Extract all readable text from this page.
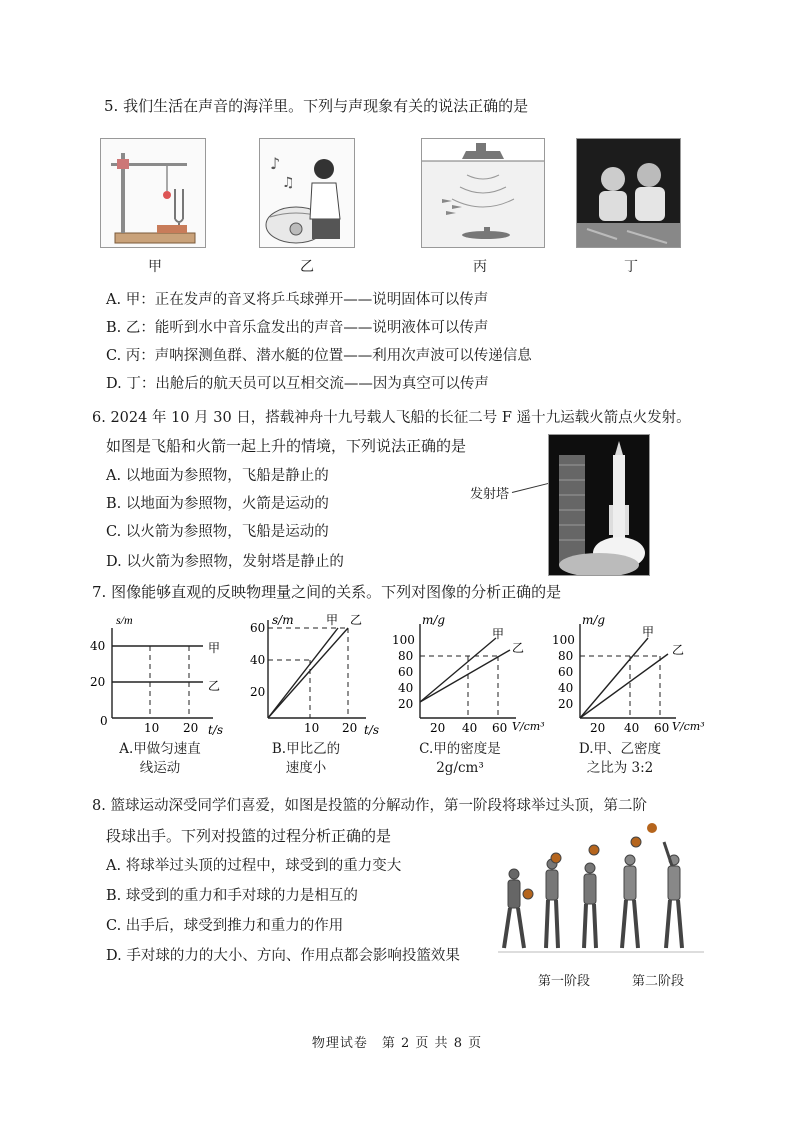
5. 我们生活在声音的海洋里。下列与声现象有关的说法正确的是
♪
♫
甲	乙	丙	丁
A. 甲：正在发声的音叉将乒乓球弹开——说明固体可以传声
B. 乙：能听到水中音乐盒发出的声音——说明液体可以传声
C. 丙：声呐探测鱼群、潜水艇的位置——利用次声波可以传递信息
D. 丁：出舱后的航天员可以互相交流——因为真空可以传声
6. 2024 年 10 月 30 日，搭载神舟十九号载人飞船的长征二号 F 遥十九运载火箭点火发射。
如图是飞船和火箭一起上升的情境，下列说法正确的是
A. 以地面为参照物，飞船是静止的
B. 以地面为参照物，火箭是运动的
C. 以火箭为参照物，飞船是运动的
D. 以火箭为参照物，发射塔是静止的
发射塔
7. 图像能够直观的反映物理量之间的关系。下列对图像的分析正确的是
s/m
40
20
0	10 20 t/s
甲
乙
s/m
60
40
20
10 20 t/s
甲 乙	m/g
100
80
60
40
20
20 40 60 V/cm³
甲
乙
m/g
100
80
60
40
20
20 40 60 V/cm³
甲
乙
A.甲做匀速直
线运动
B.甲比乙的
速度小
C.甲的密度是
2g/cm³
D.甲、乙密度
之比为 3:2
8. 篮球运动深受同学们喜爱，如图是投篮的分解动作，第一阶段将球举过头顶，第二阶
段球出手。下列对投篮的过程分析正确的是
A. 将球举过头顶的过程中，球受到的重力变大
B. 球受到的重力和手对球的力是相互的
C. 出手后，球受到推力和重力的作用
D. 手对球的力的大小、方向、作用点都会影响投篮效果
第一阶段	第二阶段
物理试卷　第 2 页 共 8 页
